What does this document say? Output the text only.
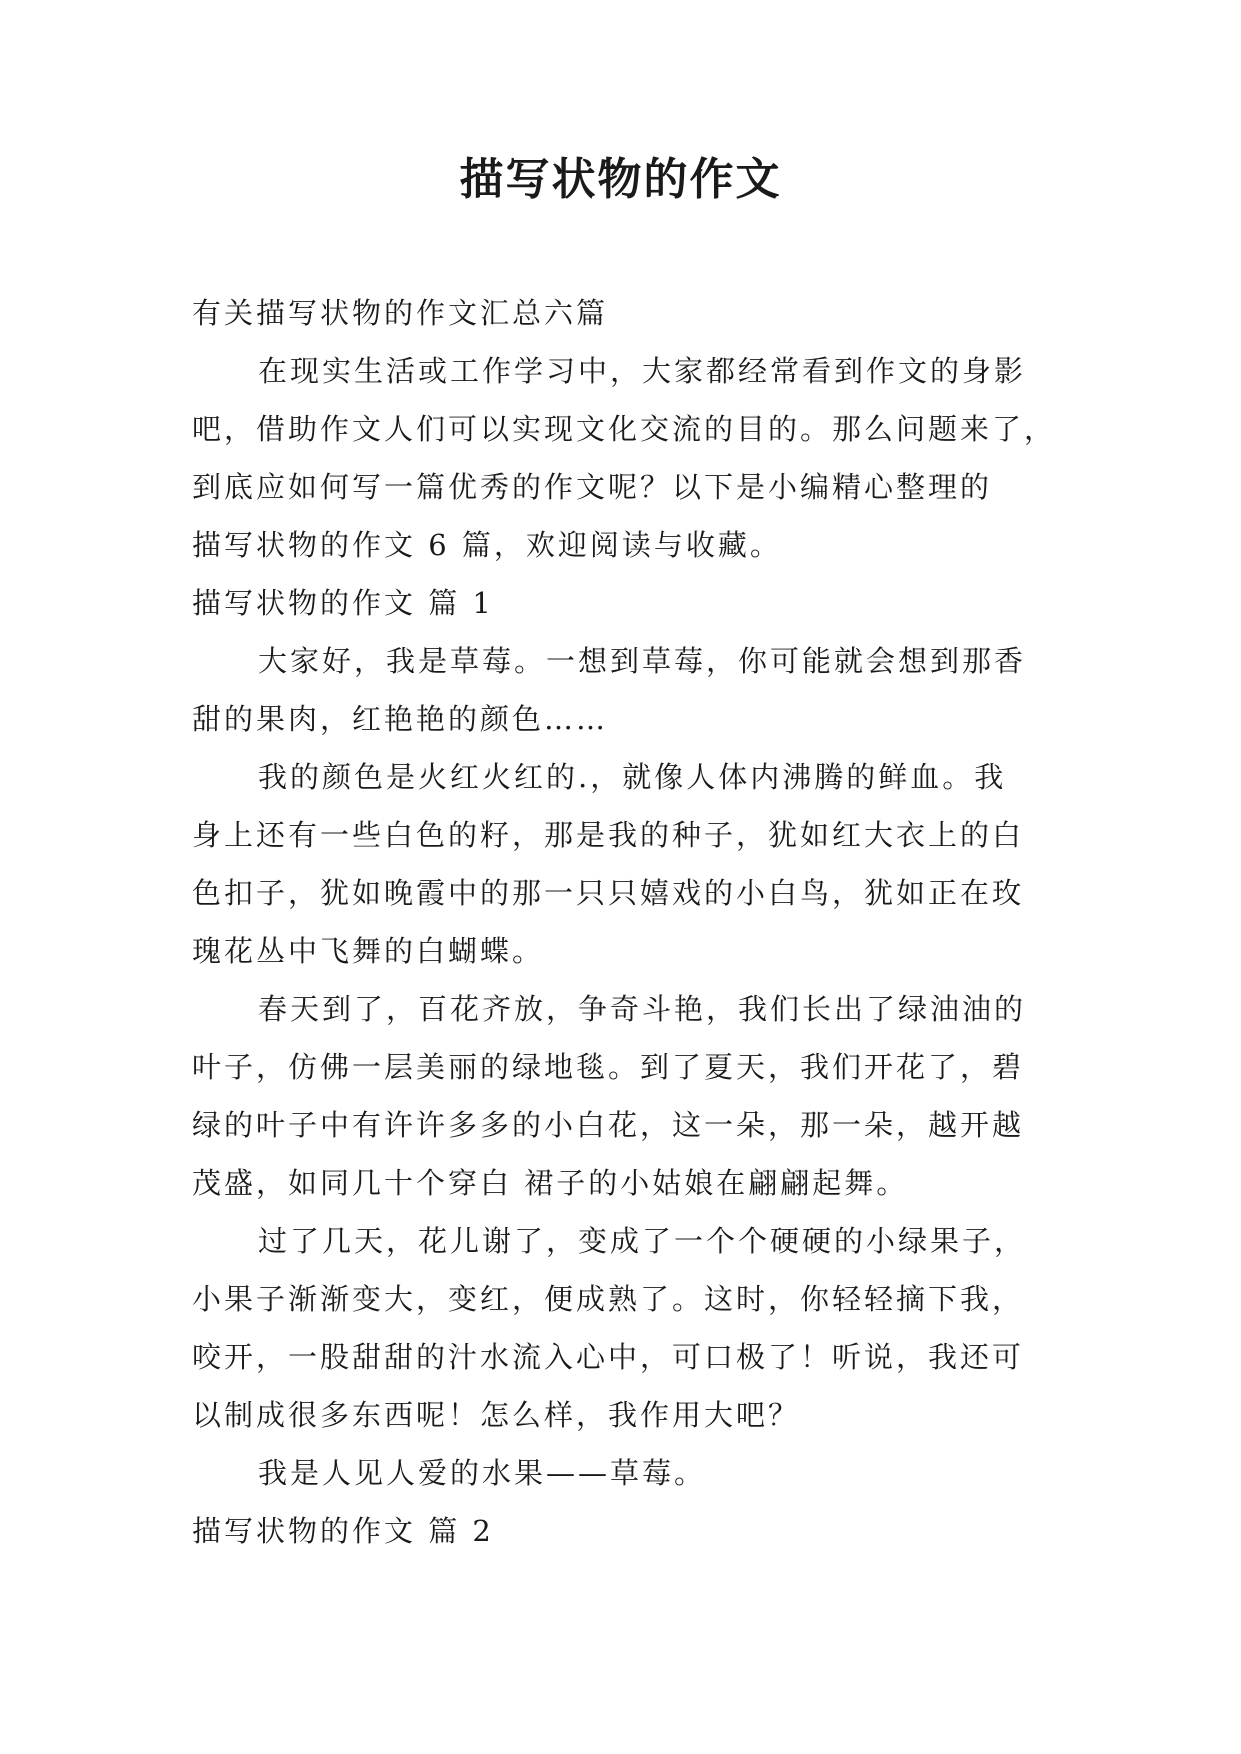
描写状物的作文

有关描写状物的作文汇总六篇

在现实生活或工作学习中，大家都经常看到作文的身影

吧，借助作文人们可以实现文化交流的目的。那么问题来了，

到底应如何写一篇优秀的作文呢？以下是小编精心整理的

描写状物的作文 6 篇，欢迎阅读与收藏。

描写状物的作文 篇 1

大家好，我是草莓。一想到草莓，你可能就会想到那香

甜的果肉，红艳艳的颜色……

我的颜色是火红火红的.，就像人体内沸腾的鲜血。我

身上还有一些白色的籽，那是我的种子，犹如红大衣上的白

色扣子，犹如晚霞中的那一只只嬉戏的小白鸟，犹如正在玫

瑰花丛中飞舞的白蝴蝶。

春天到了，百花齐放，争奇斗艳，我们长出了绿油油的

叶子，仿佛一层美丽的绿地毯。到了夏天，我们开花了，碧

绿的叶子中有许许多多的小白花，这一朵，那一朵，越开越

茂盛，如同几十个穿白 裙子的小姑娘在翩翩起舞。

过了几天，花儿谢了，变成了一个个硬硬的小绿果子，

小果子渐渐变大，变红，便成熟了。这时，你轻轻摘下我，

咬开，一股甜甜的汁水流入心中，可口极了！听说，我还可

以制成很多东西呢！怎么样，我作用大吧？

我是人见人爱的水果——草莓。

描写状物的作文 篇 2
